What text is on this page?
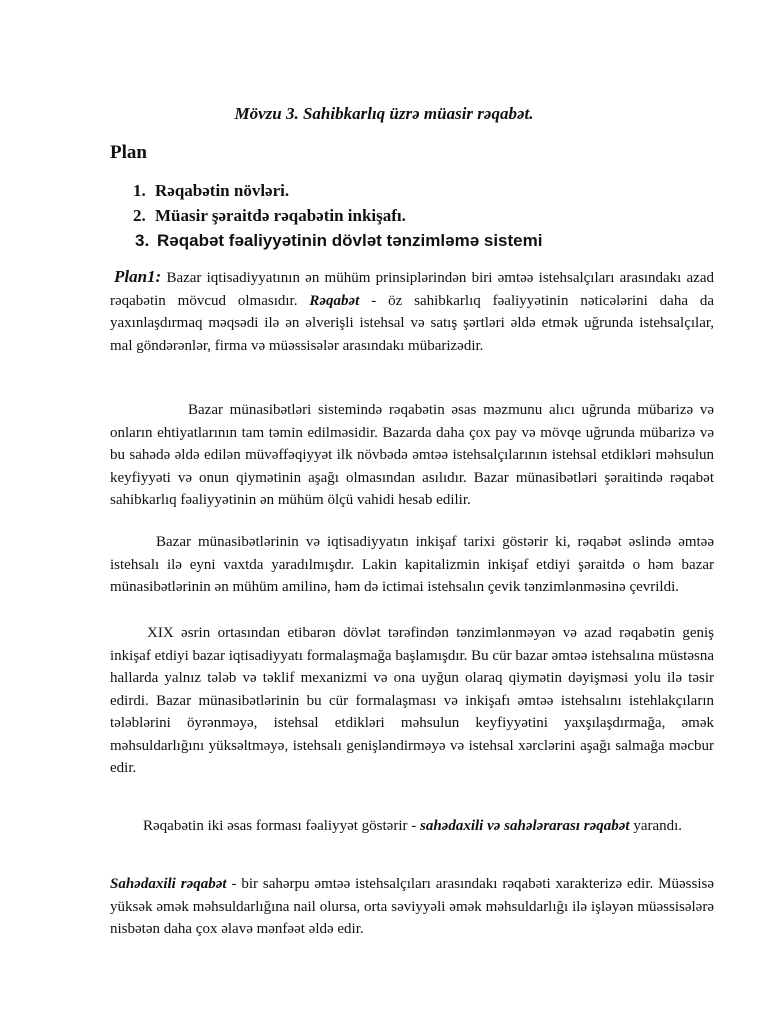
Mövzu 3. Sahibkarlıq üzrə müasir rəqabət.
Plan
1. Rəqabətin növləri.
2. Müasir şəraitdə rəqabətin inkişafı.
3. Rəqabət fəaliyyətinin dövlət tənzimləmə sistemi

Plan1: Bazar iqtisadiyyatının ən mühüm prinsiplərindən biri əmtəə istehsalçıları arasındakı azad rəqabətin mövcud olmasıdır. Rəqabət - öz sahibkarlıq fəaliyyətinin nəticələrini daha da yaxınlaşdırmaq məqsədi ilə ən əlverişli istehsal və satış şərtləri əldə etmək uğrunda istehsalçılar, mal göndərənlər, firma və müəssisələr arasındakı mübarizədir.

Bazar münasibətləri sistemində rəqabətin əsas məzmunu alıcı uğrunda mübarizə və onların ehtiyatlarının tam təmin edilməsidir. Bazarda daha çox pay və mövqe uğrunda mübarizə və bu sahədə əldə edilən müvəffəqiyyət ilk növbədə əmtəə istehsalçılarının istehsal etdikləri məhsulun keyfiyyəti və onun qiymətinin aşağı olmasından asılıdır. Bazar münasibətləri şəraitində rəqabət sahibkarlıq fəaliyyətinin ən mühüm ölçü vahidi hesab edilir.

Bazar münasibətlərinin və iqtisadiyyatın inkişaf tarixi göstərir ki, rəqabət əslində əmtəə istehsalı ilə eyni vaxtda yaradılmışdır. Lakin kapitalizmin inkişaf etdiyi şəraitdə o həm bazar münasibətlərinin ən mühüm amilinə, həm də ictimai istehsalın çevik tənzimlənməsinə çevrildi.

XIX əsrin ortasından etibarən dövlət tərəfindən tənzimlənməyən və azad rəqabətin geniş inkişaf etdiyi bazar iqtisadiyyatı formalaşmağa başlamışdır. Bu cür bazar əmtəə istehsalına müstəsna hallarda yalnız tələb və təklif mexanizmi və ona uyğun olaraq qiymətin dəyişməsi yolu ilə təsir edirdi. Bazar münasibətlərinin bu cür formalaşması və inkişafı əmtəə istehsalını istehlakçıların tələblərini öyrənməyə, istehsal etdikləri məhsulun keyfiyyətini yaxşılaşdırmağa, əmək məhsuldarlığını yüksəltməyə, istehsalı genişləndirməyə və istehsal xərclərini aşağı salmağa məcbur edir.

Rəqabətin iki əsas forması fəaliyyət göstərir - sahədaxili və sahələrarası rəqabət yarandı.

Sahədaxili rəqabət - bir sahərpu əmtəə istehsalçıları arasındakı rəqabəti xarakterizə edir. Müəssisə yüksək əmək məhsuldarlığına nail olursa, orta səviyyəli əmək məhsuldarlığı ilə işləyən müəssisələrə nisbətən daha çox əlavə mənfəət əldə edir.
